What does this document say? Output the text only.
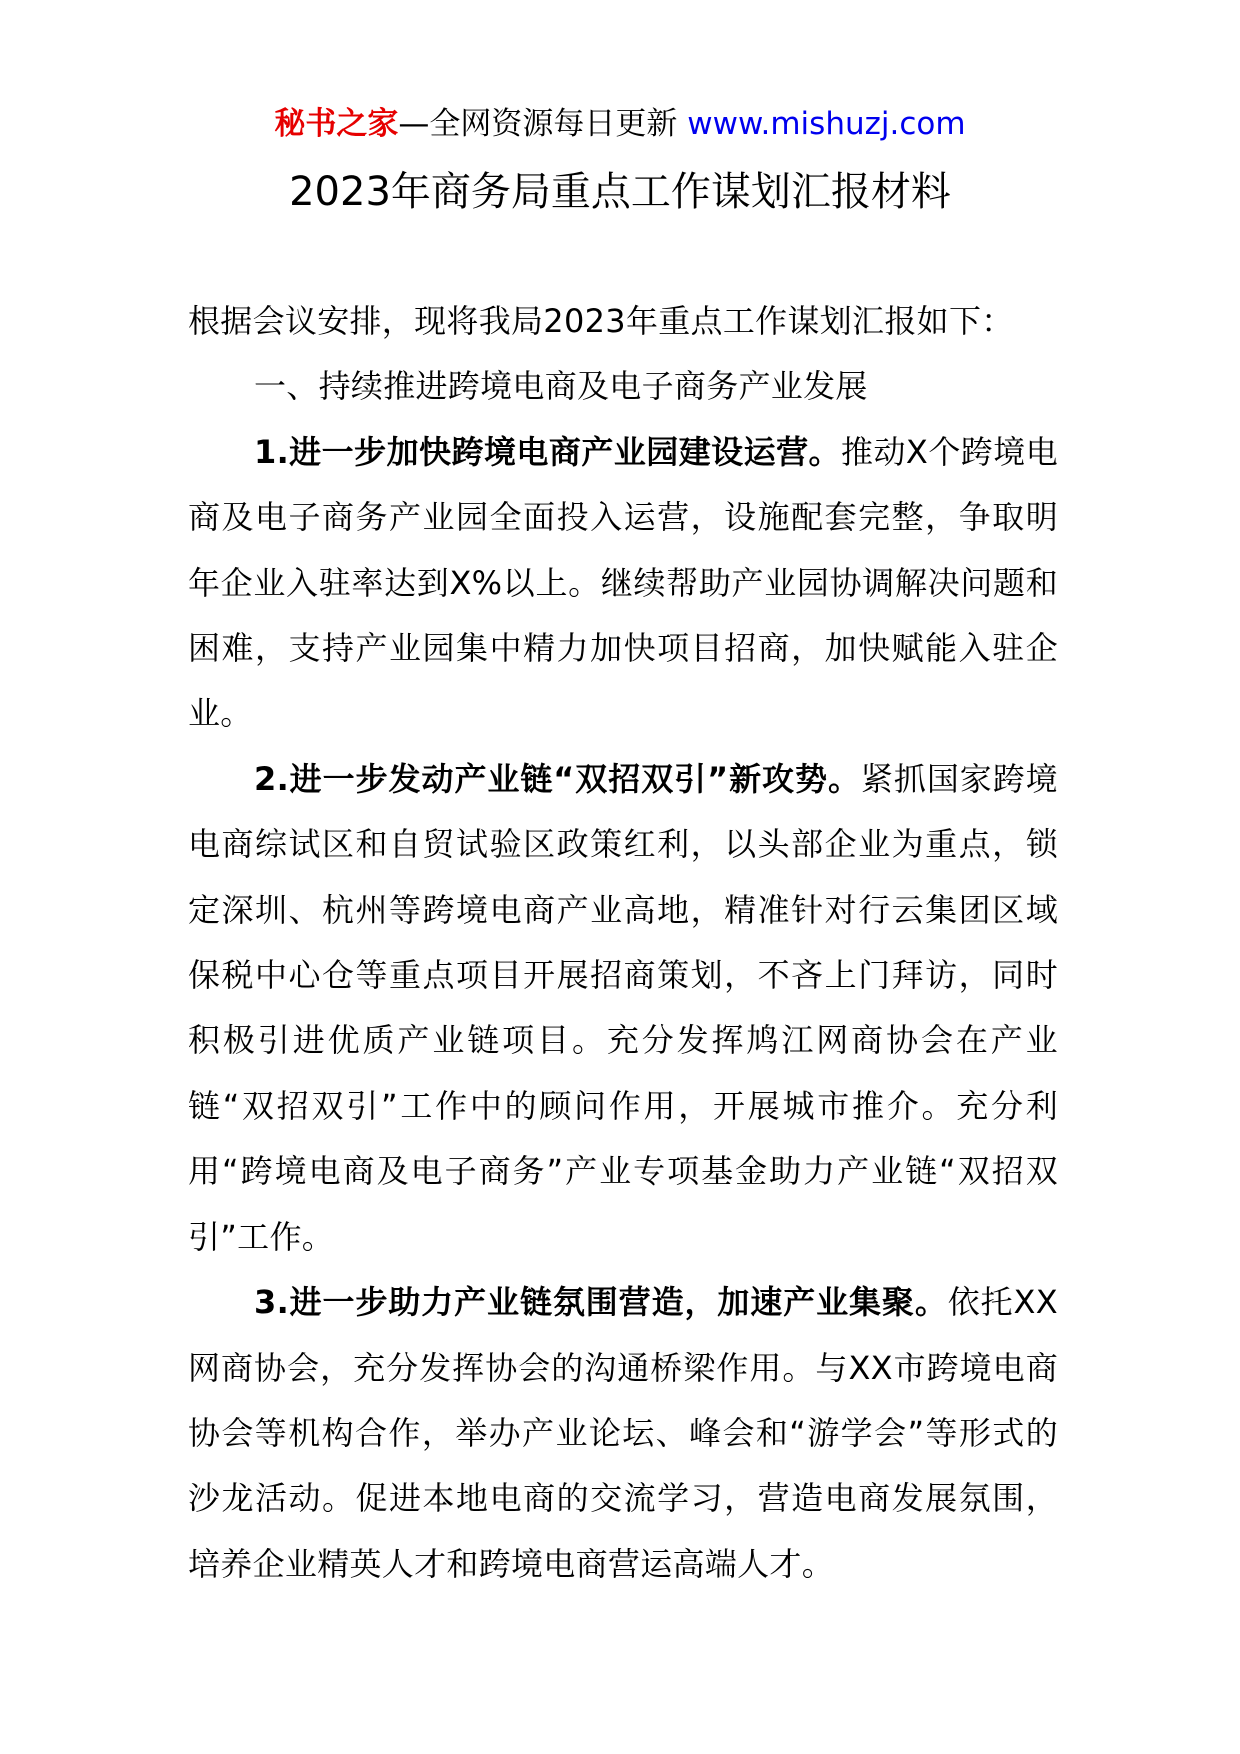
秘书之家—全网资源每日更新 www.mishuzj.com
2023年商务局重点工作谋划汇报材料

根据会议安排，现将我局2023年重点工作谋划汇报如下：

一、持续推进跨境电商及电子商务产业发展

1.进一步加快跨境电商产业园建设运营。推动X个跨境电商及电子商务产业园全面投入运营，设施配套完整，争取明年企业入驻率达到X%以上。继续帮助产业园协调解决问题和困难，支持产业园集中精力加快项目招商，加快赋能入驻企业。

2.进一步发动产业链“双招双引”新攻势。紧抓国家跨境电商综试区和自贸试验区政策红利，以头部企业为重点，锁定深圳、杭州等跨境电商产业高地，精准针对行云集团区域保税中心仓等重点项目开展招商策划，不吝上门拜访，同时积极引进优质产业链项目。充分发挥鸠江网商协会在产业链“双招双引”工作中的顾问作用，开展城市推介。充分利用“跨境电商及电子商务”产业专项基金助力产业链“双招双引”工作。

3.进一步助力产业链氛围营造，加速产业集聚。依托XX网商协会，充分发挥协会的沟通桥梁作用。与XX市跨境电商协会等机构合作，举办产业论坛、峰会和“游学会”等形式的沙龙活动。促进本地电商的交流学习，营造电商发展氛围，培养企业精英人才和跨境电商营运高端人才。
